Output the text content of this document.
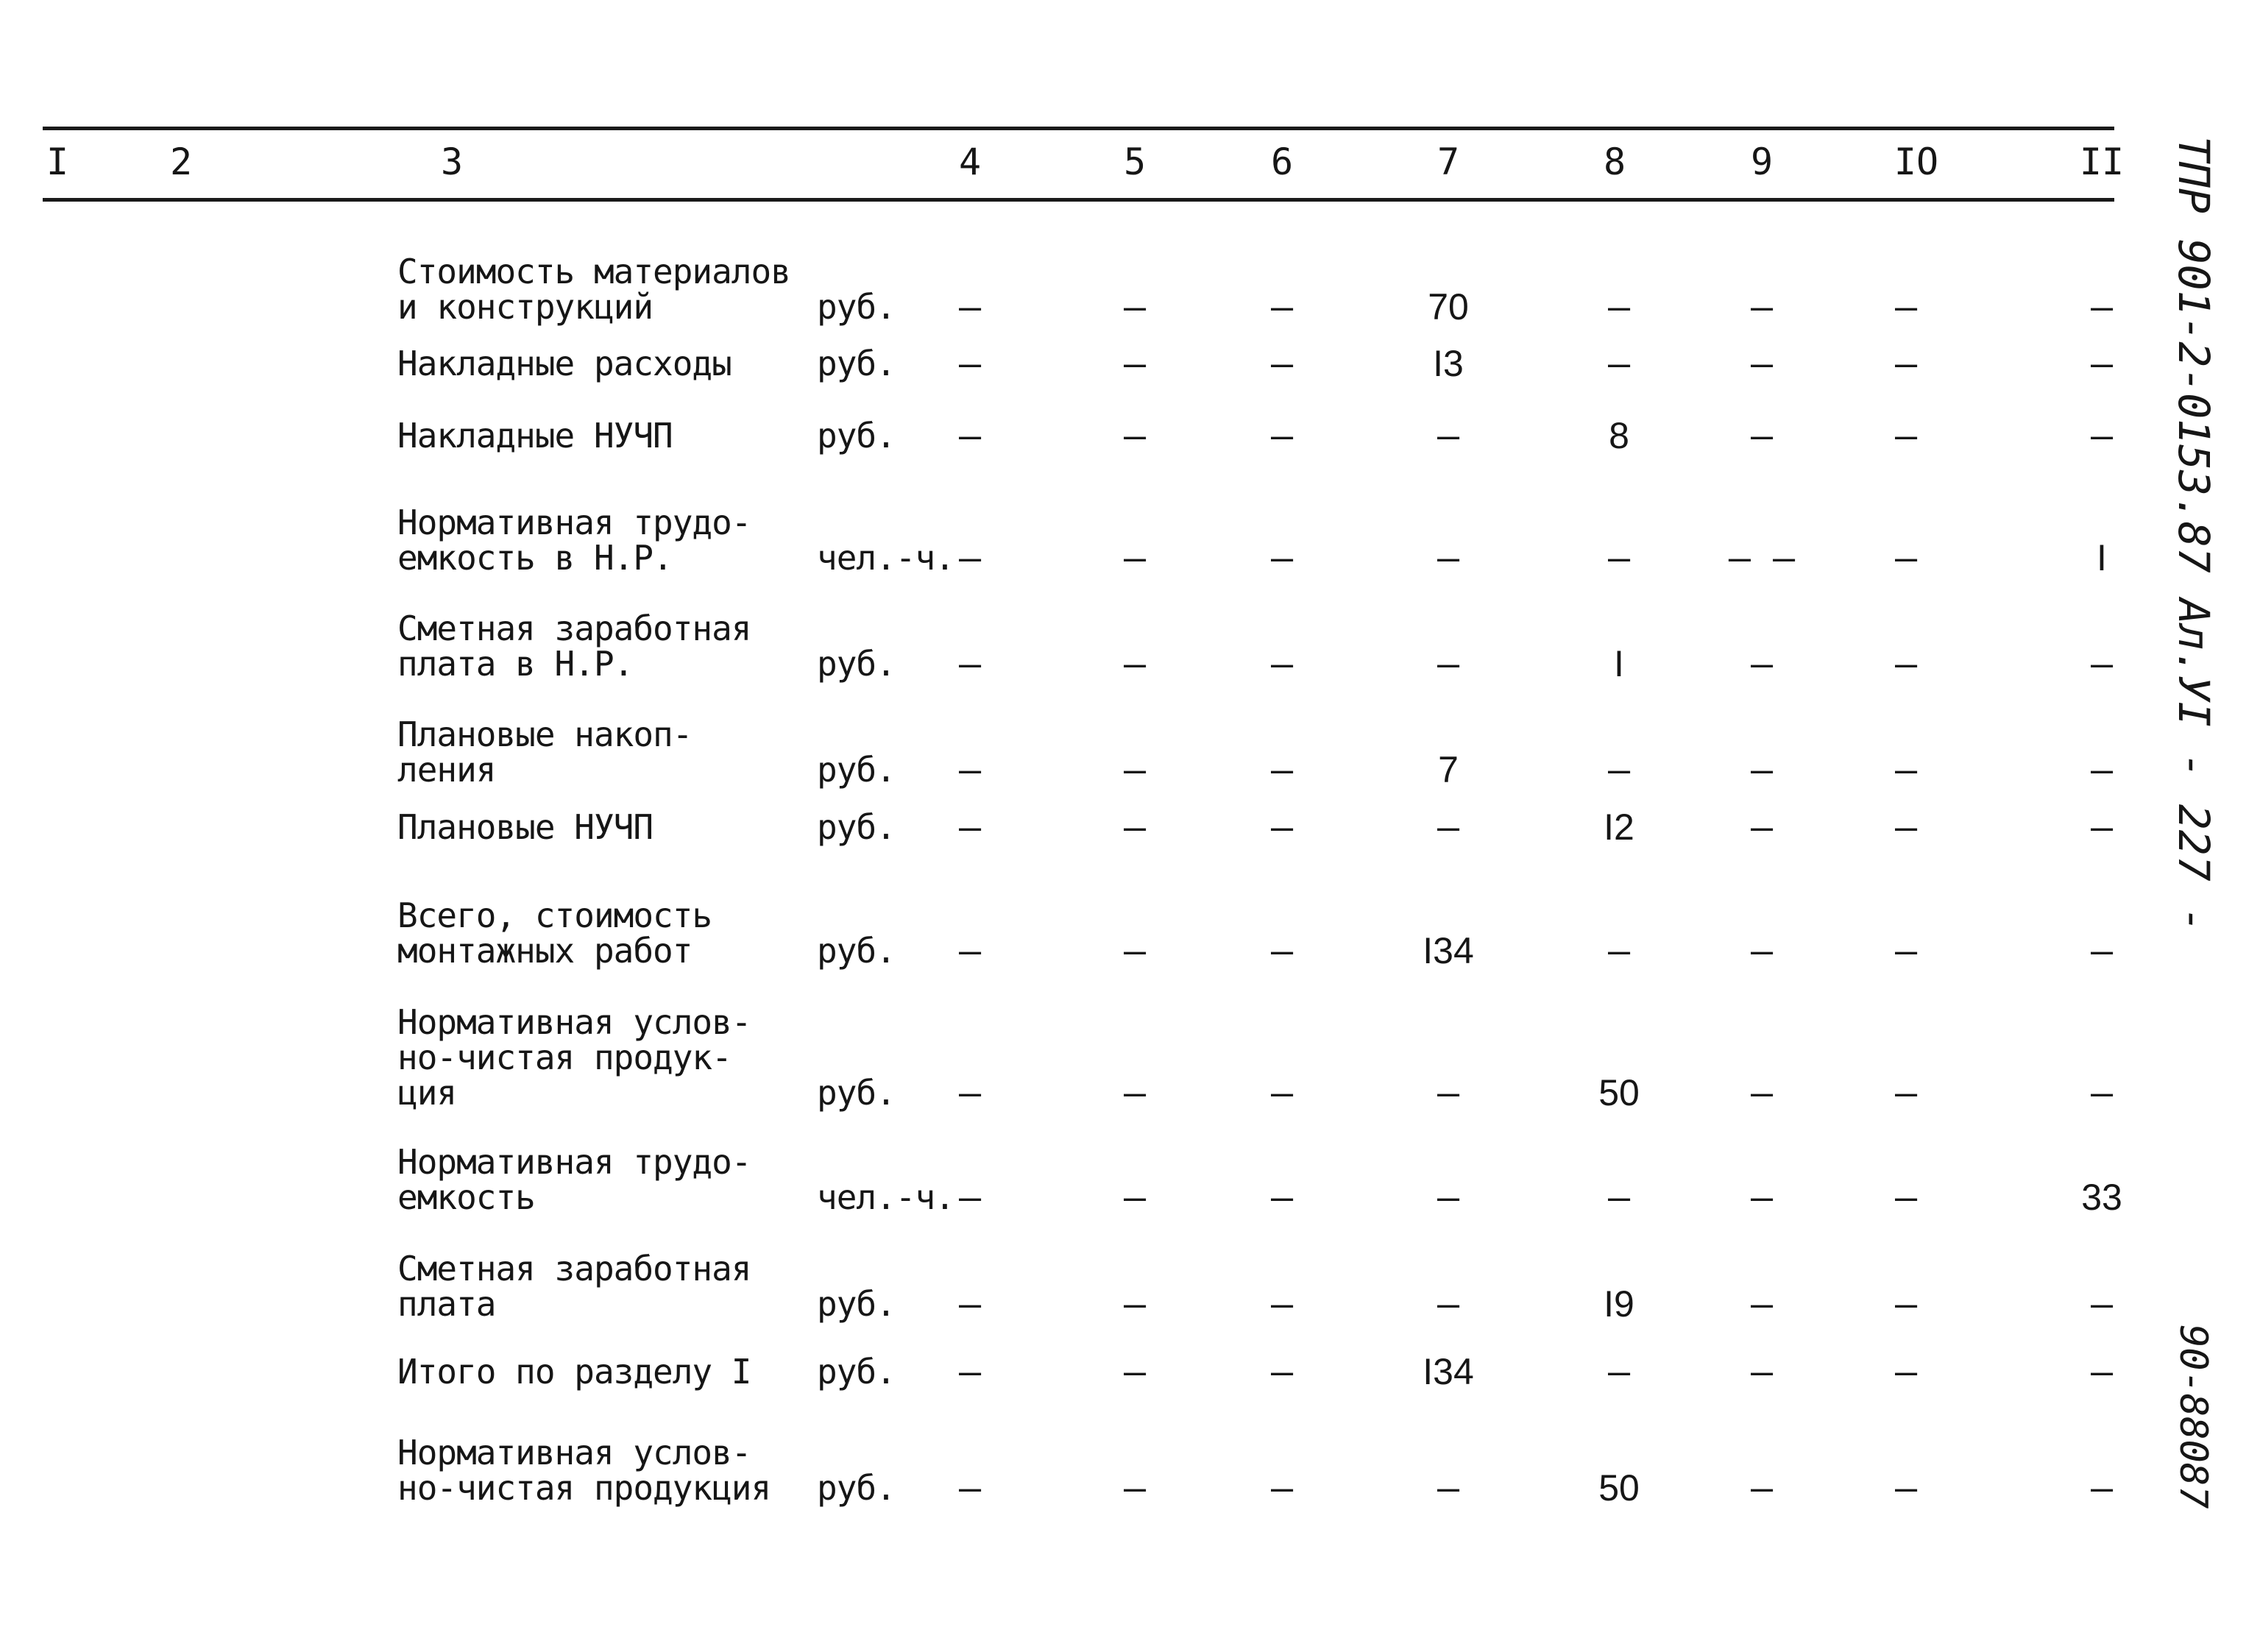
I	2	3	4	5	6	7	8	9	IO	II
Стоимость материалов
и конструкций	руб. –	–	–	70	–	–	–	–
Накладные расходы	руб. –	–	–	I3	–	–	–	–
Накладные НУЧП	руб. –	–	–	–	8	–	–	–
Нормативная трудо-
емкость в Н.Р.	чел.-ч. –	–	–	–	–	– –	–	I
Сметная заработная
плата в Н.Р.	руб. –	–	–	–	I	–	–	–
Плановые накоп-
ления	руб. –	–	–	7	–	–	–	–
Плановые НУЧП	руб. –	–	–	–	I2	–	–	–
Всего, стоимость
монтажных работ	руб. –	–	–	I34	–	–	–	–
Нормативная услов-
но-чистая продук-
ция	руб. –	–	–	–	50	–	–	–
Нормативная трудо-
емкость	чел.-ч. –	–	–	–	–	–	–	33
Сметная заработная
плата	руб. –	–	–	–	I9	–	–	–
Итого по разделу I	руб. –	–	–	I34	–	–	–	–
Нормативная услов-
но-чистая продукция	руб. –	–	–	–	50	–	–	–
ТПР 901-2-0153.87 Ал.УI - 227 -
90-88087
